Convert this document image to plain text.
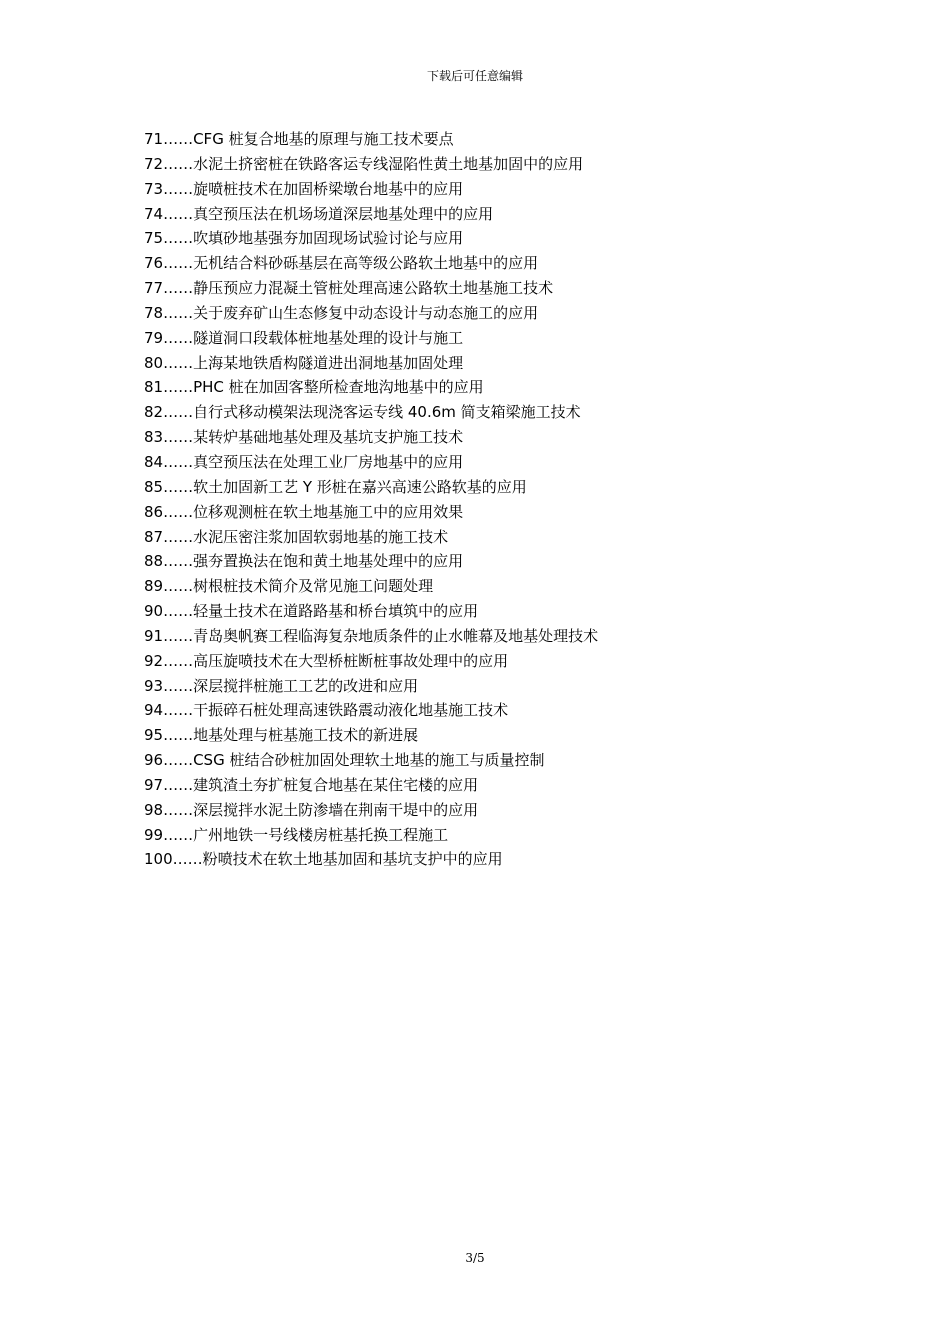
下载后可任意编辑
71……CFG 桩复合地基的原理与施工技术要点
72……水泥土挤密桩在铁路客运专线湿陷性黄土地基加固中的应用
73……旋喷桩技术在加固桥梁墩台地基中的应用
74……真空预压法在机场场道深层地基处理中的应用
75……吹填砂地基强夯加固现场试验讨论与应用
76……无机结合料砂砾基层在高等级公路软土地基中的应用
77……静压预应力混凝土管桩处理高速公路软土地基施工技术
78……关于废弃矿山生态修复中动态设计与动态施工的应用
79……隧道洞口段载体桩地基处理的设计与施工
80……上海某地铁盾构隧道进出洞地基加固处理
81……PHC 桩在加固客整所检查地沟地基中的应用
82……自行式移动模架法现浇客运专线 40.6m 简支箱梁施工技术
83……某转炉基础地基处理及基坑支护施工技术
84……真空预压法在处理工业厂房地基中的应用
85……软土加固新工艺 Y 形桩在嘉兴高速公路软基的应用
86……位移观测桩在软土地基施工中的应用效果
87……水泥压密注浆加固软弱地基的施工技术
88……强夯置换法在饱和黄土地基处理中的应用
89……树根桩技术简介及常见施工问题处理
90……轻量土技术在道路路基和桥台填筑中的应用
91……青岛奥帆赛工程临海复杂地质条件的止水帷幕及地基处理技术
92……高压旋喷技术在大型桥桩断桩事故处理中的应用
93……深层搅拌桩施工工艺的改进和应用
94……干振碎石桩处理高速铁路震动液化地基施工技术
95……地基处理与桩基施工技术的新进展
96……CSG 桩结合砂桩加固处理软土地基的施工与质量控制
97……建筑渣土夯扩桩复合地基在某住宅楼的应用
98……深层搅拌水泥土防渗墙在荆南干堤中的应用
99……广州地铁一号线楼房桩基托换工程施工
100……粉喷技术在软土地基加固和基坑支护中的应用
3/5
